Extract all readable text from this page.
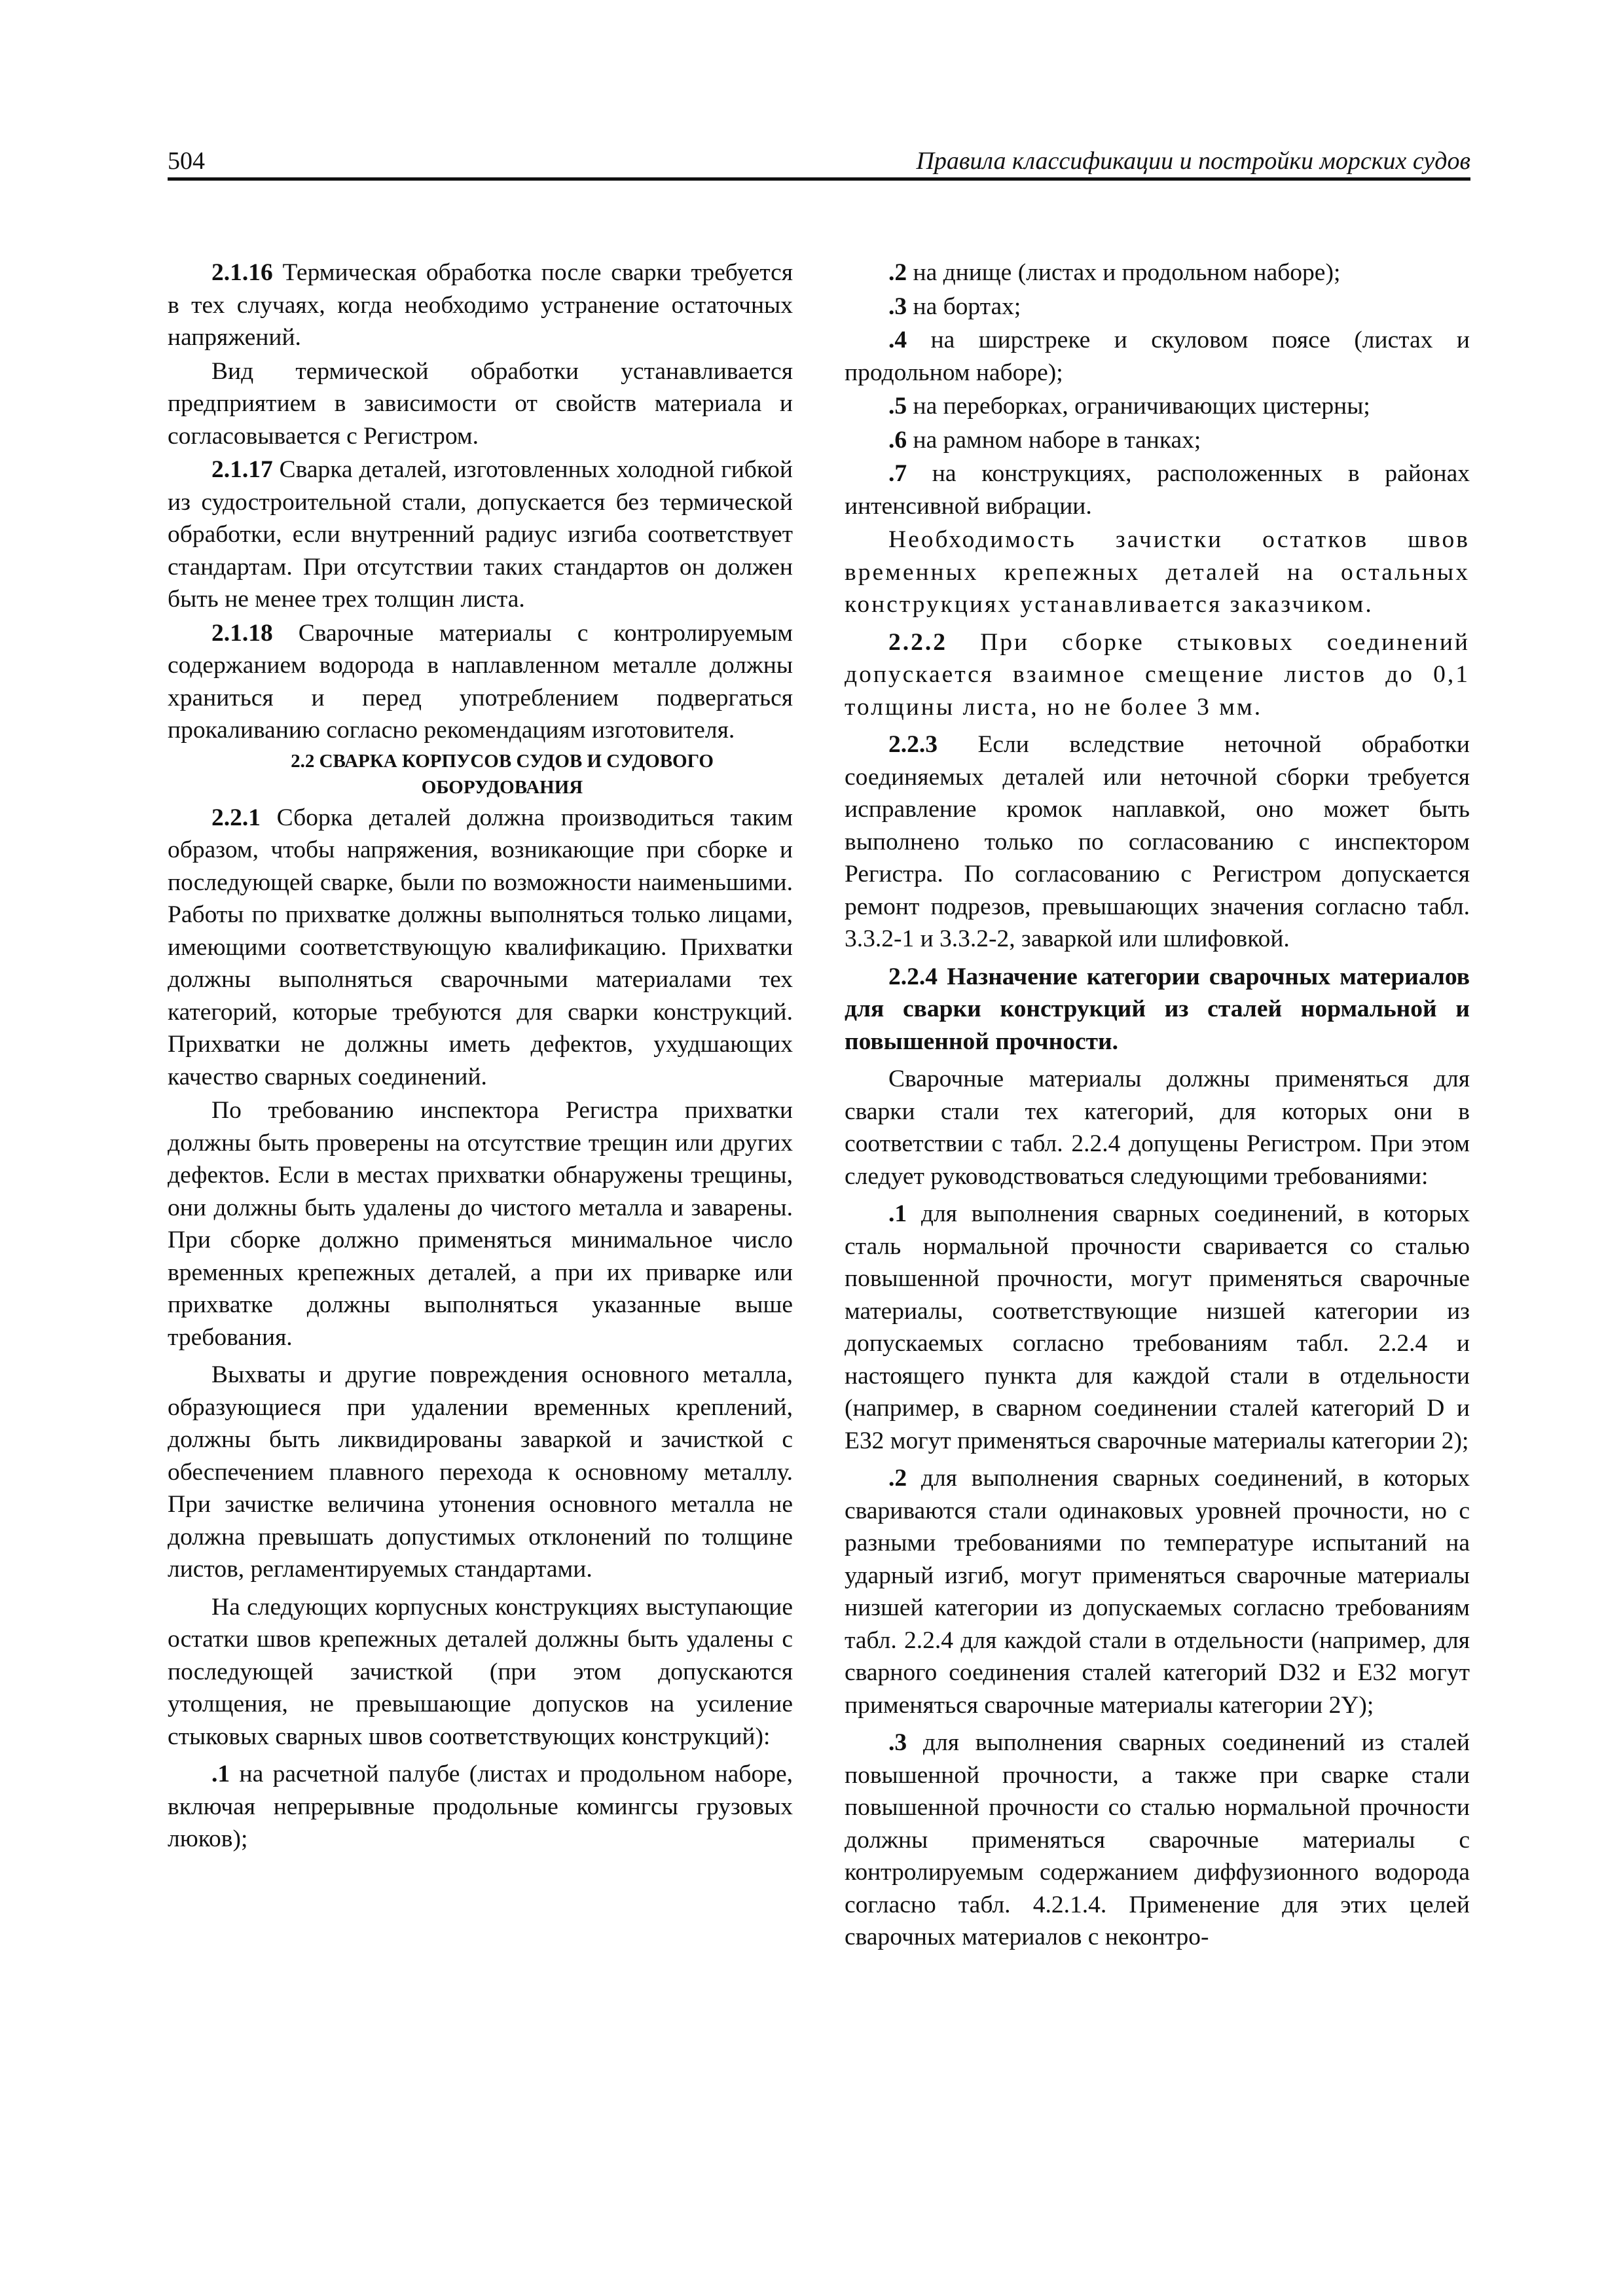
504	Правила классификации и постройки морских судов

2.1.16 Термическая обработка после сварки требуется в тех случаях, когда необходимо устранение остаточных напряжений.

Вид термической обработки устанавливается предприятием в зависимости от свойств материала и согласовывается с Регистром.

2.1.17 Сварка деталей, изготовленных холодной гибкой из судостроительной стали, допускается без термической обработки, если внутренний радиус изгиба соответствует стандартам. При отсутствии таких стандартов он должен быть не менее трех толщин листа.

2.1.18 Сварочные материалы с контролируемым содержанием водорода в наплавленном металле должны храниться и перед употреблением подвергаться прокаливанию согласно рекомендациям изготовителя.

2.2 СВАРКА КОРПУСОВ СУДОВ И СУДОВОГО
ОБОРУДОВАНИЯ

2.2.1 Сборка деталей должна производиться таким образом, чтобы напряжения, возникающие при сборке и последующей сварке, были по возможности наименьшими. Работы по прихватке должны выполняться только лицами, имеющими соответствующую квалификацию. Прихватки должны выполняться сварочными материалами тех категорий, которые требуются для сварки конструкций. Прихватки не должны иметь дефектов, ухудшающих качество сварных соединений.

По требованию инспектора Регистра прихватки должны быть проверены на отсутствие трещин или других дефектов. Если в местах прихватки обнаружены трещины, они должны быть удалены до чистого металла и заварены. При сборке должно применяться минимальное число временных крепежных деталей, а при их приварке или прихватке должны выполняться указанные выше требования.

Выхваты и другие повреждения основного металла, образующиеся при удалении временных креплений, должны быть ликвидированы заваркой и зачисткой с обеспечением плавного перехода к основному металлу. При зачистке величина утонения основного металла не должна превышать допустимых отклонений по толщине листов, регламентируемых стандартами.

На следующих корпусных конструкциях выступающие остатки швов крепежных деталей должны быть удалены с последующей зачисткой (при этом допускаются утолщения, не превышающие допусков на усиление стыковых сварных швов соответствующих конструкций):

.1 на расчетной палубе (листах и продольном наборе, включая непрерывные продольные комингсы грузовых люков);

.2 на днище (листах и продольном наборе);

.3 на бортах;

.4 на ширстреке и скуловом поясе (листах и продольном наборе);

.5 на переборках, ограничивающих цистерны;

.6 на рамном наборе в танках;

.7 на конструкциях, расположенных в районах интенсивной вибрации.

Необходимость зачистки остатков швов временных крепежных деталей на остальных конструкциях устанавливается заказчиком.

2.2.2 При сборке стыковых соединений допускается взаимное смещение листов до 0,1 толщины листа, но не более 3 мм.

2.2.3 Если вследствие неточной обработки соединяемых деталей или неточной сборки требуется исправление кромок наплавкой, оно может быть выполнено только по согласованию с инспектором Регистра. По согласованию с Регистром допускается ремонт подрезов, превышающих значения согласно табл. 3.3.2-1 и 3.3.2-2, заваркой или шлифовкой.

2.2.4 Назначение категории сварочных материалов для сварки конструкций из сталей нормальной и повышенной прочности.

Сварочные материалы должны применяться для сварки стали тех категорий, для которых они в соответствии с табл. 2.2.4 допущены Регистром. При этом следует руководствоваться следующими требованиями:

.1 для выполнения сварных соединений, в которых сталь нормальной прочности сваривается со сталью повышенной прочности, могут применяться сварочные материалы, соответствующие низшей категории из допускаемых согласно требованиям табл. 2.2.4 и настоящего пункта для каждой стали в отдельности (например, в сварном соединении сталей категорий D и E32 могут применяться сварочные материалы категории 2);

.2 для выполнения сварных соединений, в которых свариваются стали одинаковых уровней прочности, но с разными требованиями по температуре испытаний на ударный изгиб, могут применяться сварочные материалы низшей категории из допускаемых согласно требованиям табл. 2.2.4 для каждой стали в отдельности (например, для сварного соединения сталей категорий D32 и E32 могут применяться сварочные материалы категории 2Y);

.3 для выполнения сварных соединений из сталей повышенной прочности, а также при сварке стали повышенной прочности со сталью нормальной прочности должны применяться сварочные материалы с контролируемым содержанием диффузионного водорода согласно табл. 4.2.1.4. Применение для этих целей сварочных материалов с неконтро-
